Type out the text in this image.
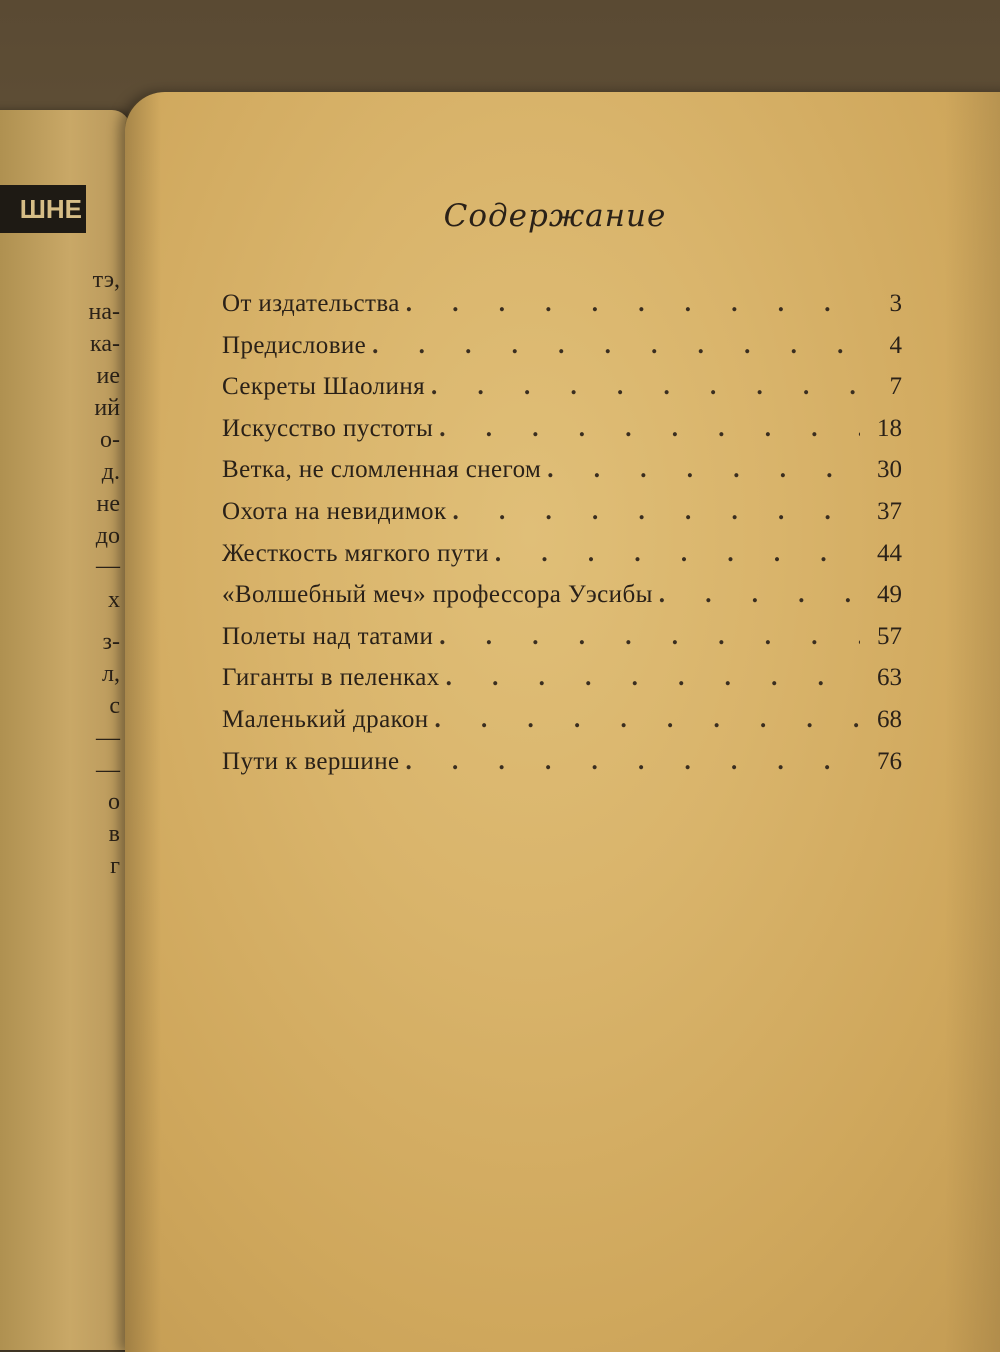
ШНЕ
тэ,
на-
ка-
ие
ий
о-
д.
не
до
—
х
з-
л,
с
—
—
о
в
г
Содержание
От издательства . . .	3
Предисловие . . .	4
Секреты Шаолиня . . .	7
Искусство пустоты . . .	18
Ветка, не сломленная снегом . . .	30
Охота на невидимок . . .	37
Жесткость мягкого пути . . .	44
«Волшебный меч» профессора Уэсибы . . .	49
Полеты над татами . . .	57
Гиганты в пеленках . . .	63
Маленький дракон . . .	68
Пути к вершине . . .	76
